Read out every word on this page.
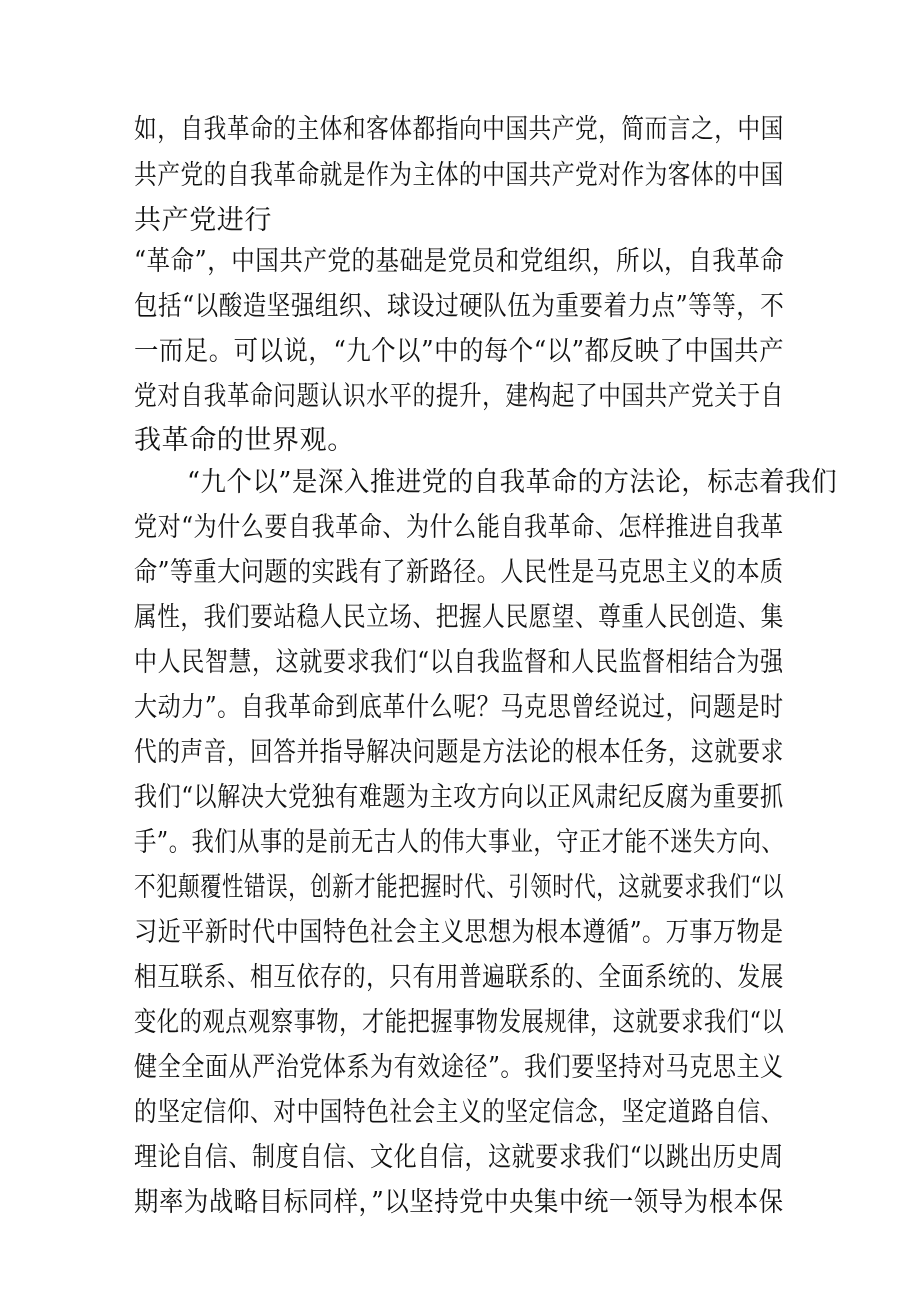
如，自我革命的主体和客体都指向中国共产党，简而言之，中国
共产党的自我革命就是作为主体的中国共产党对作为客体的中国
共产党进行
“革命”，中国共产党的基础是党员和党组织，所以，自我革命
包括“以酸造坚强组织、球设过硬队伍为重要着力点”等等，不
一而足。可以说，“九个以”中的每个“以”都反映了中国共产
党对自我革命问题认识水平的提升，建构起了中国共产党关于自
我革命的世界观。
“九个以”是深入推进党的自我革命的方法论，标志着我们
党对“为什么要自我革命、为什么能自我革命、怎样推进自我革
命”等重大问题的实践有了新路径。人民性是马克思主义的本质
属性，我们要站稳人民立场、把握人民愿望、尊重人民创造、集
中人民智慧，这就要求我们“以自我监督和人民监督相结合为强
大动力”。自我革命到底革什么呢？马克思曾经说过，问题是时
代的声音，回答并指导解决问题是方法论的根本任务，这就要求
我们“以解决大党独有难题为主攻方向以正风肃纪反腐为重要抓
手”。我们从事的是前无古人的伟大事业，守正才能不迷失方向、
不犯颠覆性错误，创新才能把握时代、引领时代，这就要求我们“以
习近平新时代中国特色社会主义思想为根本遵循”。万事万物是
相互联系、相互依存的，只有用普遍联系的、全面系统的、发展
变化的观点观察事物，才能把握事物发展规律，这就要求我们“以
健全全面从严治党体系为有效途径”。我们要坚持对马克思主义
的坚定信仰、对中国特色社会主义的坚定信念，坚定道路自信、
理论自信、制度自信、文化自信，这就要求我们“以跳出历史周
期率为战略目标同样，”以坚持党中央集中统一领导为根本保
